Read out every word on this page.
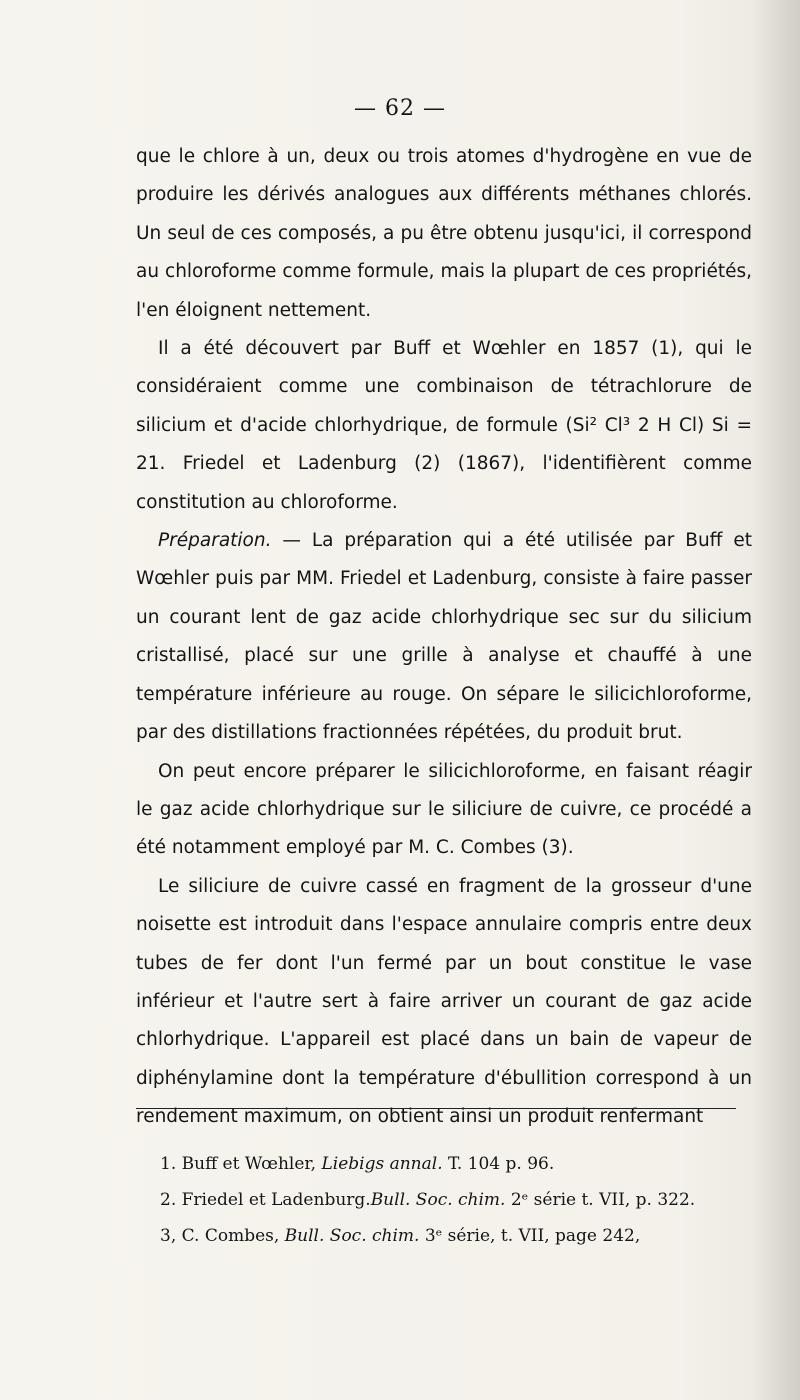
— 62 —

que le chlore à un, deux ou trois atomes d'hydrogène en vue de produire les dérivés analogues aux différents méthanes chlorés. Un seul de ces composés, a pu être obtenu jusqu'ici, il correspond au chloroforme comme formule, mais la plupart de ces propriétés, l'en éloignent nettement.

Il a été découvert par Buff et Wœhler en 1857 (1), qui le considéraient comme une combinaison de tétrachlorure de silicium et d'acide chlorhydrique, de formule (Si² Cl³ 2 H Cl) Si = 21. Friedel et Ladenburg (2) (1867), l'identifièrent comme constitution au chloroforme.

Préparation. — La préparation qui a été utilisée par Buff et Wœhler puis par MM. Friedel et Ladenburg, consiste à faire passer un courant lent de gaz acide chlorhydrique sec sur du silicium cristallisé, placé sur une grille à analyse et chauffé à une température inférieure au rouge. On sépare le silicichloroforme, par des distillations fractionnées répétées, du produit brut.

On peut encore préparer le silicichloroforme, en faisant réagir le gaz acide chlorhydrique sur le siliciure de cuivre, ce procédé a été notamment employé par M. C. Combes (3).

Le siliciure de cuivre cassé en fragment de la grosseur d'une noisette est introduit dans l'espace annulaire compris entre deux tubes de fer dont l'un fermé par un bout constitue le vase inférieur et l'autre sert à faire arriver un courant de gaz acide chlorhydrique. L'appareil est placé dans un bain de vapeur de diphénylamine dont la température d'ébullition correspond à un rendement maximum, on obtient ainsi un produit renfermant

1. Buff et Wœhler, Liebigs annal. T. 104 p. 96.
2. Friedel et Ladenburg.Bull. Soc. chim. 2ᵉ série t. VII, p. 322.
3, C. Combes, Bull. Soc. chim. 3ᵉ série, t. VII, page 242,
